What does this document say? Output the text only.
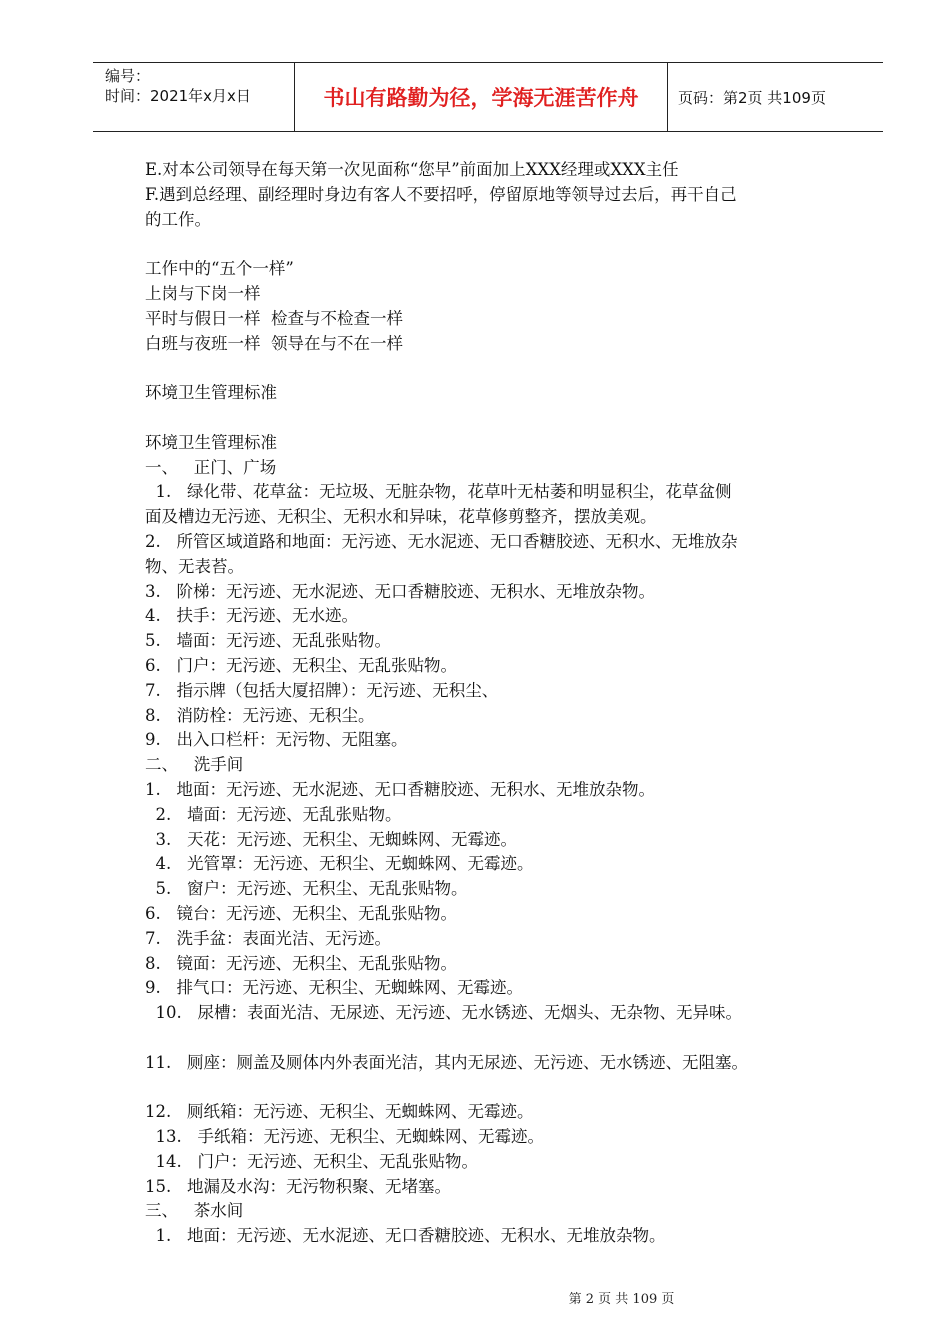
编号：
时间：2021年x月x日	书山有路勤为径，学海无涯苦作舟	页码：第2页 共109页

E.对本公司领导在每天第一次见面称“您早”前面加上XXX经理或XXX主任

F.遇到总经理、副经理时身边有客人不要招呼，停留原地等领导过去后，再干自己

的工作。

工作中的“五个一样”

上岗与下岗一样

平时与假日一样  检查与不检查一样

白班与夜班一样  领导在与不在一样

环境卫生管理标准

环境卫生管理标准

一、   正门、广场

1.   绿化带、花草盆：无垃圾、无脏杂物，花草叶无枯萎和明显积尘，花草盆侧

面及槽边无污迹、无积尘、无积水和异味，花草修剪整齐，摆放美观。

2.   所管区域道路和地面：无污迹、无水泥迹、无口香糖胶迹、无积水、无堆放杂

物、无表苔。

3.   阶梯：无污迹、无水泥迹、无口香糖胶迹、无积水、无堆放杂物。

4.   扶手：无污迹、无水迹。

5.   墙面：无污迹、无乱张贴物。

6.   门户：无污迹、无积尘、无乱张贴物。

7.   指示牌（包括大厦招牌）：无污迹、无积尘、

8.   消防栓：无污迹、无积尘。

9.   出入口栏杆：无污物、无阻塞。

二、   洗手间

1.   地面：无污迹、无水泥迹、无口香糖胶迹、无积水、无堆放杂物。

2.   墙面：无污迹、无乱张贴物。

3.   天花：无污迹、无积尘、无蜘蛛网、无霉迹。

4.   光管罩：无污迹、无积尘、无蜘蛛网、无霉迹。

5.   窗户：无污迹、无积尘、无乱张贴物。

6.   镜台：无污迹、无积尘、无乱张贴物。

7.   洗手盆：表面光洁、无污迹。

8.   镜面：无污迹、无积尘、无乱张贴物。

9.   排气口：无污迹、无积尘、无蜘蛛网、无霉迹。

10.   尿槽：表面光洁、无尿迹、无污迹、无水锈迹、无烟头、无杂物、无异味。

11.   厕座：厕盖及厕体内外表面光洁，其内无尿迹、无污迹、无水锈迹、无阻塞。

12.   厕纸箱：无污迹、无积尘、无蜘蛛网、无霉迹。

13.   手纸箱：无污迹、无积尘、无蜘蛛网、无霉迹。

14.   门户：无污迹、无积尘、无乱张贴物。

15.   地漏及水沟：无污物积聚、无堵塞。

三、   茶水间

1.   地面：无污迹、无水泥迹、无口香糖胶迹、无积水、无堆放杂物。

第 2 页 共 109 页
